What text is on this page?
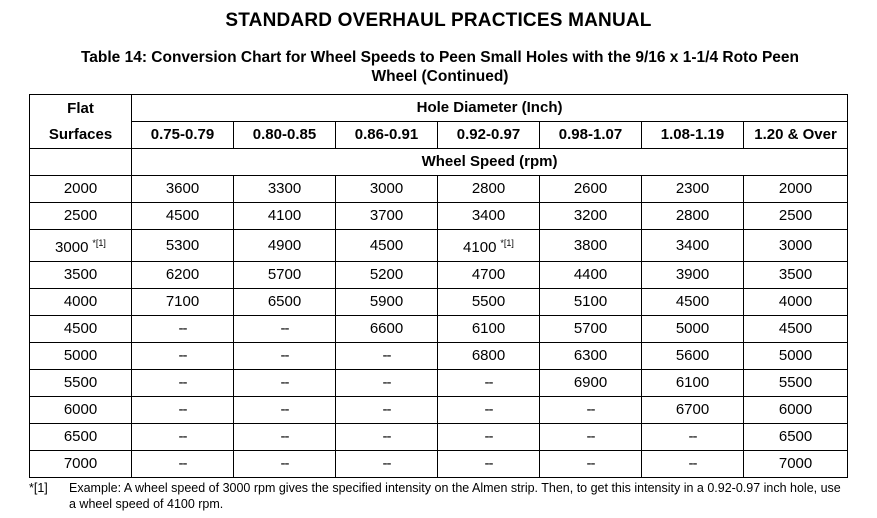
STANDARD OVERHAUL PRACTICES MANUAL
Table 14: Conversion Chart for Wheel Speeds to Peen Small Holes with the 9/16 x 1-1/4 Roto Peen
Wheel (Continued)
Flat
Surfaces	Hole Diameter (Inch)						
	0.75-0.79	0.80-0.85	0.86-0.91	0.92-0.97	0.98-1.07	1.08-1.19	1.20 & Over
	Wheel Speed (rpm)						
2000	3600	3300	3000	2800	2600	2300	2000
2500	4500	4100	3700	3400	3200	2800	2500
3000 $^{*[1]}$	5300	4900	4500	4100 $^{*[1]}$	3800	3400	3000
3500	6200	5700	5200	4700	4400	3900	3500
4000	7100	6500	5900	5500	5100	4500	4000
4500	--	--	6600	6100	5700	5000	4500
5000	--	--	--	6800	6300	5600	5000
5500	--	--	--	--	6900	6100	5500
6000	--	--	--	--	--	6700	6000
6500	--	--	--	--	--	--	6500
7000	--	--	--	--	--	--	7000
*[1] Example: A wheel speed of 3000 rpm gives the specified intensity on the Almen strip. Then, to get this intensity in a 0.92-0.97 inch hole, use a wheel speed of 4100 rpm.
